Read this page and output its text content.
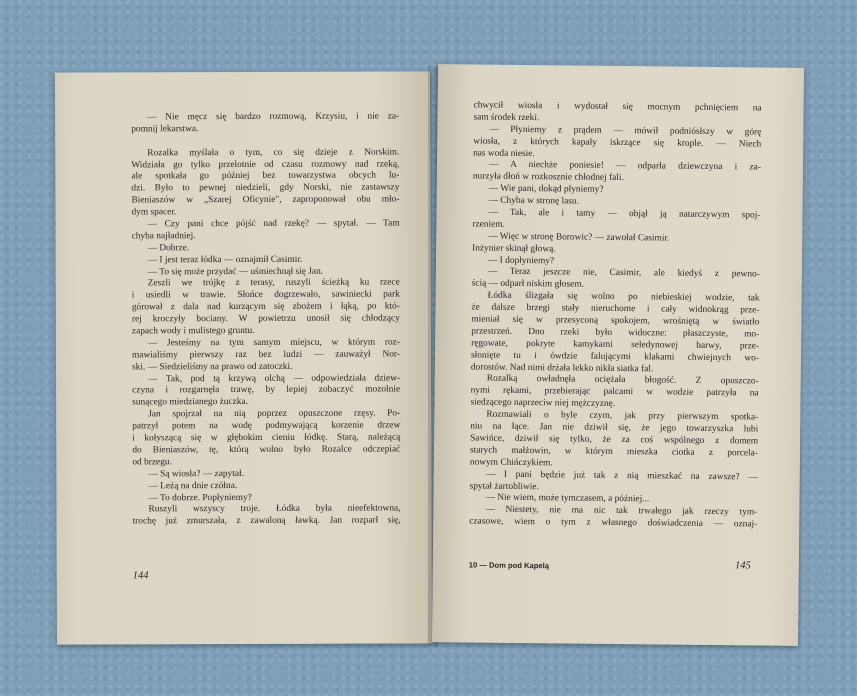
— Nie męcz się bardzo rozmową, Krzysiu, i nie za-
pomnij lekarstwa.
Rozalka myślała o tym, co się dzieje z Norskim.
Widziała go tylko przelotnie od czasu rozmowy nad rzeką,
ale spotkała go później bez towarzystwa obcych lu-
dzi. Było to pewnej niedzieli, gdy Norski, nie zastawszy
Bieniaszów w „Szarej Oficynie", zaproponował obu mło-
dym spacer.
— Czy pani chce pójść nad rzekę? — spytał. — Tam
chyba najładniej.
— Dobrze.
— I jest teraz łódka — oznajmił Casimir.
— To się może przydać — uśmiechnął się Jan.
Zeszli we trójkę z terasy, ruszyli ścieżką ku rzece
i usiedli w trawie. Słońce dogrzewało, sawiniecki park
górował z dala nad kurzącym się zbożem i łąką, po któ-
rej kroczyły bociany. W powietrzu unosił się chłodzący
zapach wody i mulistego gruntu.
— Jesteśmy na tym samym miejscu, w którym roz-
mawialiśmy pierwszy raz bez ludzi — zauważył Nor-
ski. — Siedzieliśmy na prawo od zatoczki.
— Tak, pod tą krzywą olchą — odpowiedziała dziew-
czyna i rozgarnęła trawę, by lepiej zobaczyć mozolnie
sunącego miedzianego żuczka.
Jan spojrzał na nią poprzez opuszczone rzęsy. Po-
patrzył potem na wodę podmywającą korzenie drzew
i kołyszącą się w głębokim cieniu łódkę. Starą, należącą
do Bieniaszów, tę, którą wolno było Rozalce odczepiać
od brzegu.
— Są wiosła? — zapytał.
— Leżą na dnie czółna.
— To dobrze. Popłyniemy?
Ruszyli wszyscy troje. Łódka była nieefektowna,
trochę już zmurszała, z zawaloną ławką. Jan rozparł się,
144
chwycił wiosła i wydostał się mocnym pchnięciem na
sam środek rzeki.
— Płyniemy z prądem — mówił podniósłszy w górę
wiosła, z których kapały iskrzące się krople. — Niech
nas woda niesie.
— A niechże poniesie! — odparła dziewczyna i za-
nurzyła dłoń w rozkosznie chłodnej fali.
— Wie pani, dokąd płyniemy?
— Chyba w stronę lasu.
— Tak, ale i tamy — objął ją natarczywym spoj-
rzeniem.
— Więc w stronę Borowic? — zawołał Casimir.
Inżynier skinął głową.
— I dopłyniemy?
— Teraz jeszcze nie, Casimir, ale kiedyś z pewno-
ścią — odparł niskim głosem.
Łódka ślizgała się wolno po niebieskiej wodzie, tak
że dalsze brzegi stały nieruchome i cały widnokrąg prze-
mieniał się w przesyconą spokojem, wrośniętą w światło
przestrzeń. Dno rzeki było widoczne: płaszczyste, mo-
ręgowate, pokryte kamykami seledynowej barwy, prze-
słonięte tu i ówdzie falującymi klakami chwiejnych wo-
dorostów. Nad nimi drżała lekko nikła siatka fal.
Rozalką owładnęła ociężała błogość. Z opuszczo-
nymi rękami, przebierając palcami w wodzie patrzyła na
siedzącego naprzeciw niej mężczyznę.
Rozmawiali o byle czym, jak przy pierwszym spotka-
niu na łące. Jan nie dziwił się, że jego towarzyszka lubi
Sawińce, dziwił się tylko, że za coś wspólnego z domem
starych małżowin, w którym mieszka ciotka z porcela-
nowym Chińczykiem.
— I pani będzie już tak z nią mieszkać na zawsze? —
spytał żartobliwie.
— Nie wiem, może tymczasem, a później...
— Niestety, nie ma nic tak trwałego jak rzeczy tym-
czasowe, wiem o tym z własnego doświadczenia — oznaj-
10 — Dom pod Kapelą	145
